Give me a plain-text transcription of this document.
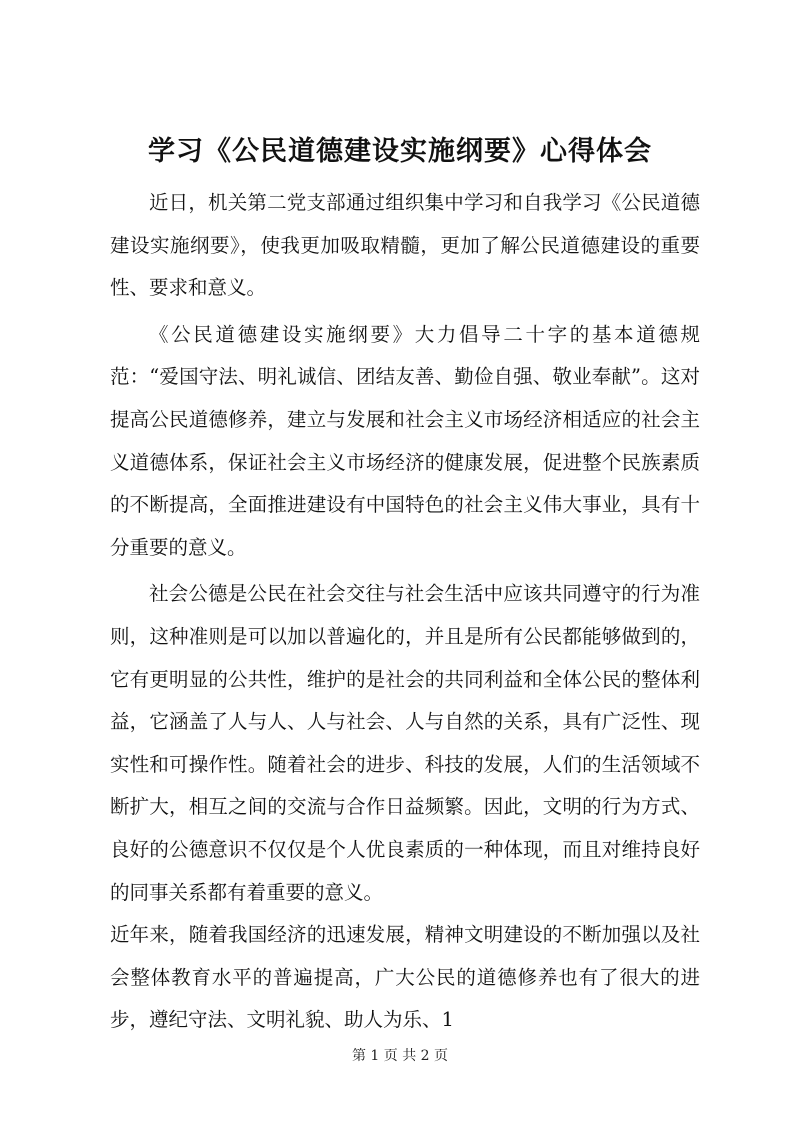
学习《公民道德建设实施纲要》心得体会

近日，机关第二党支部通过组织集中学习和自我学习《公民道德建设实施纲要》，使我更加吸取精髓，更加了解公民道德建设的重要性、要求和意义。

《公民道德建设实施纲要》大力倡导二十字的基本道德规范：“爱国守法、明礼诚信、团结友善、勤俭自强、敬业奉献”。这对提高公民道德修养，建立与发展和社会主义市场经济相适应的社会主义道德体系，保证社会主义市场经济的健康发展，促进整个民族素质的不断提高，全面推进建设有中国特色的社会主义伟大事业，具有十分重要的意义。

社会公德是公民在社会交往与社会生活中应该共同遵守的行为准则，这种准则是可以加以普遍化的，并且是所有公民都能够做到的，它有更明显的公共性，维护的是社会的共同利益和全体公民的整体利益，它涵盖了人与人、人与社会、人与自然的关系，具有广泛性、现实性和可操作性。随着社会的进步、科技的发展，人们的生活领域不断扩大，相互之间的交流与合作日益频繁。因此，文明的行为方式、良好的公德意识不仅仅是个人优良素质的一种体现，而且对维持良好的同事关系都有着重要的意义。

近年来，随着我国经济的迅速发展，精神文明建设的不断加强以及社会整体教育水平的普遍提高，广大公民的道德修养也有了很大的进步，遵纪守法、文明礼貌、助人为乐、1

第 1 页 共 2 页
